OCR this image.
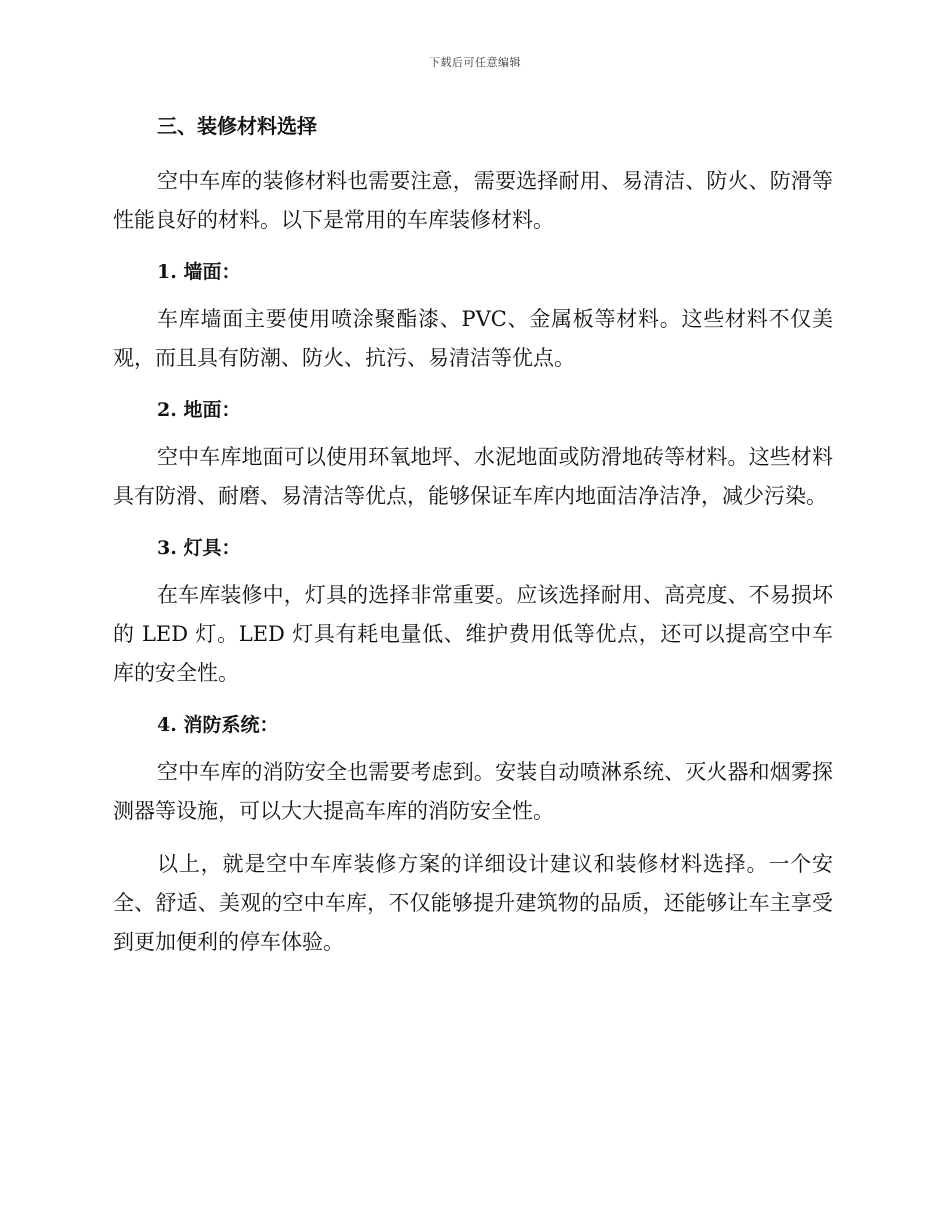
下载后可任意编辑
三、装修材料选择

空中车库的装修材料也需要注意，需要选择耐用、易清洁、防火、防滑等性能良好的材料。以下是常用的车库装修材料。

1. 墙面：

车库墙面主要使用喷涂聚酯漆、PVC、金属板等材料。这些材料不仅美观，而且具有防潮、防火、抗污、易清洁等优点。

2. 地面：

空中车库地面可以使用环氧地坪、水泥地面或防滑地砖等材料。这些材料具有防滑、耐磨、易清洁等优点，能够保证车库内地面洁净洁净，减少污染。

3. 灯具：

在车库装修中，灯具的选择非常重要。应该选择耐用、高亮度、不易损坏的 LED 灯。LED 灯具有耗电量低、维护费用低等优点，还可以提高空中车库的安全性。

4. 消防系统：

空中车库的消防安全也需要考虑到。安装自动喷淋系统、灭火器和烟雾探测器等设施，可以大大提高车库的消防安全性。

以上，就是空中车库装修方案的详细设计建议和装修材料选择。一个安全、舒适、美观的空中车库，不仅能够提升建筑物的品质，还能够让车主享受到更加便利的停车体验。
